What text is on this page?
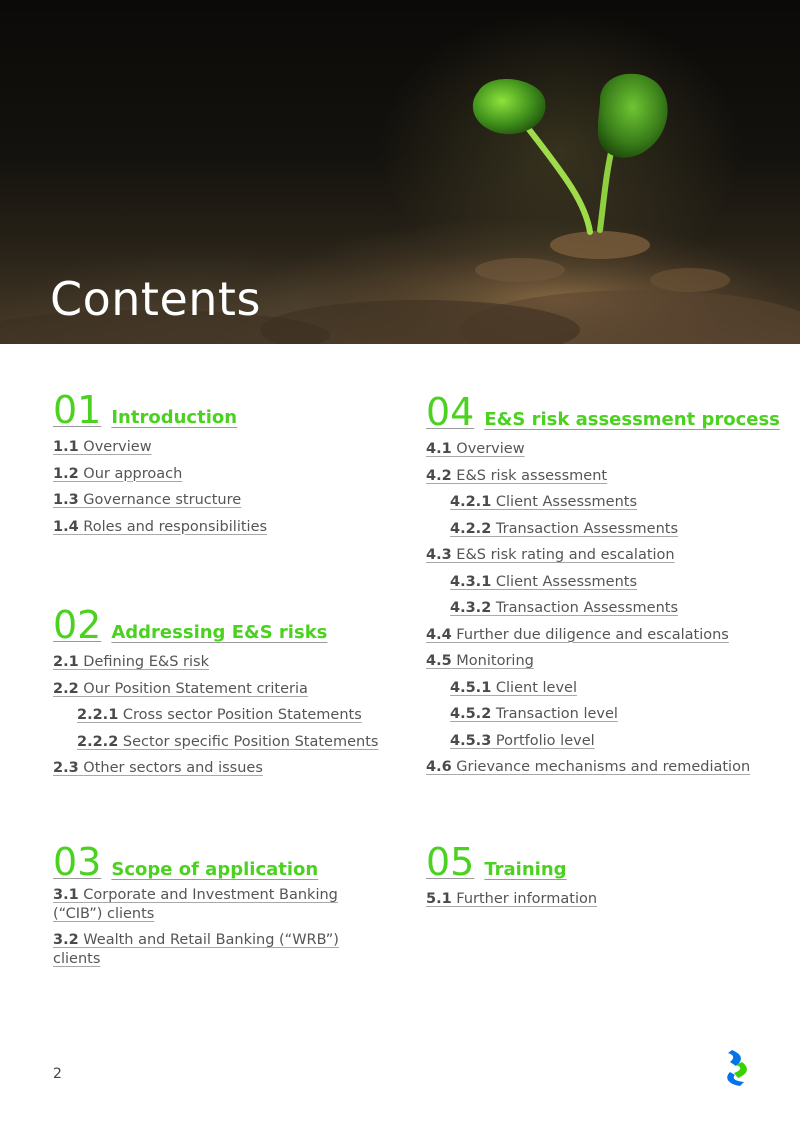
Contents
01 Introduction
1.1 Overview
1.2 Our approach
1.3 Governance structure
1.4 Roles and responsibilities
02 Addressing E&S risks
2.1 Defining E&S risk
2.2 Our Position Statement criteria
2.2.1 Cross sector Position Statements
2.2.2 Sector specific Position Statements
2.3 Other sectors and issues
03 Scope of application
3.1 Corporate and Investment Banking (“CIB”) clients
3.2 Wealth and Retail Banking (“WRB”) clients
04 E&S risk assessment process
4.1 Overview
4.2 E&S risk assessment
4.2.1 Client Assessments
4.2.2 Transaction Assessments
4.3 E&S risk rating and escalation
4.3.1 Client Assessments
4.3.2 Transaction Assessments
4.4 Further due diligence and escalations
4.5 Monitoring
4.5.1 Client level
4.5.2 Transaction level
4.5.3 Portfolio level
4.6 Grievance mechanisms and remediation
05 Training
5.1 Further information
2
